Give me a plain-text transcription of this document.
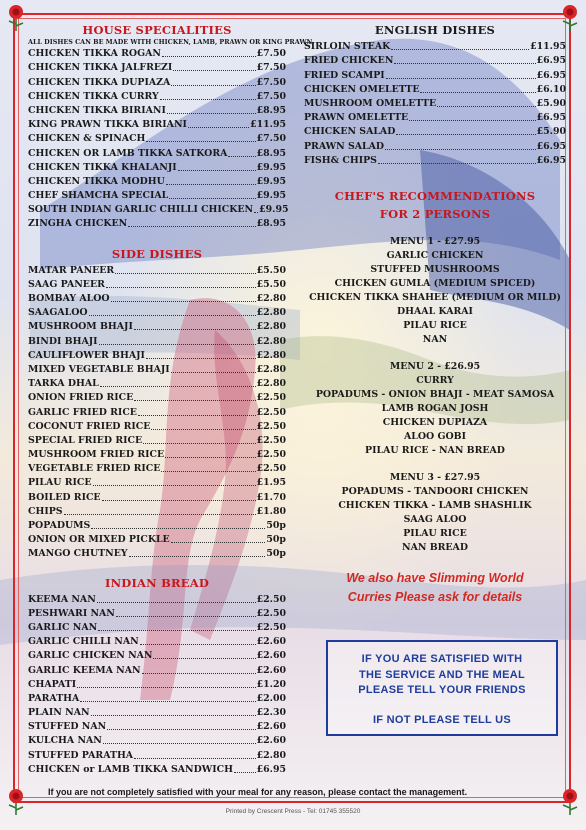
HOUSE SPECIALITIES

ALL DISHES CAN BE MADE WITH CHICKEN, LAMB, PRAWN OR KING PRAWN

CHICKEN TIKKA ROGAN	£7.50
CHICKEN TIKKA JALFREZI	£7.50
CHICKEN TIKKA DUPIAZA	£7.50
CHICKEN TIKKA CURRY	£7.50
CHICKEN TIKKA BIRIANI	£8.95
KING PRAWN TIKKA BIRIANI	£11.95
CHICKEN & SPINACH	£7.50
CHICKEN OR LAMB TIKKA SATKORA	£8.95
CHICKEN TIKKA KHALANJI	£9.95
CHICKEN TIKKA MODHU	£9.95
CHEF SHAMCHA SPECIAL	£9.95
SOUTH INDIAN GARLIC CHILLI CHICKEN £9.95
ZINGHA CHICKEN	£8.95

SIDE DISHES

MATAR PANEER	£5.50
SAAG PANEER	£5.50
BOMBAY ALOO	£2.80
SAAGALOO	£2.80
MUSHROOM BHAJI	£2.80
BINDI BHAJI	£2.80
CAULIFLOWER BHAJI	£2.80
MIXED VEGETABLE BHAJI	£2.80
TARKA DHAL	£2.80
ONION FRIED RICE	£2.50
GARLIC FRIED RICE	£2.50
COCONUT FRIED RICE	£2.50
SPECIAL FRIED RICE	£2.50
MUSHROOM FRIED RICE	£2.50
VEGETABLE FRIED RICE	£2.50
PILAU RICE	£1.95
BOILED RICE	£1.70
CHIPS	£1.80
POPADUMS	50p
ONION OR MIXED PICKLE	50p
MANGO CHUTNEY	50p

INDIAN BREAD

KEEMA NAN	£2.50
PESHWARI NAN	£2.50
GARLIC NAN	£2.50
GARLIC CHILLI NAN	£2.60
GARLIC CHICKEN NAN	£2.60
GARLIC KEEMA NAN	£2.60
CHAPATI	£1.20
PARATHA	£2.00
PLAIN NAN	£2.30
STUFFED NAN	£2.60
KULCHA NAN	£2.60
STUFFED PARATHA	£2.80
CHICKEN or LAMB TIKKA SANDWICH	£6.95

ENGLISH DISHES

SIRLOIN STEAK	£11.95
FRIED CHICKEN	£6.95
FRIED SCAMPI	£6.95
CHICKEN OMELETTE	£6.10
MUSHROOM OMELETTE	£5.90
PRAWN OMELETTE	£6.95
CHICKEN SALAD	£5.90
PRAWN SALAD	£6.95
FISH& CHIPS	£6.95

CHEF'S RECOMMENDATIONS

FOR 2 PERSONS

MENU 1 - £27.95

GARLIC CHICKEN

STUFFED MUSHROOMS

CHICKEN GUMLA (MEDIUM SPICED)

CHICKEN TIKKA SHAHEE (MEDIUM OR MILD)

DHAAL KARAI

PILAU RICE

NAN

MENU 2 - £26.95

CURRY

POPADUMS - ONION BHAJI - MEAT SAMOSA

LAMB ROGAN JOSH

CHICKEN DUPIAZA

ALOO GOBI

PILAU RICE - NAN BREAD

MENU 3 - £27.95

POPADUMS - TANDOORI CHICKEN

CHICKEN TIKKA - LAMB SHASHLIK

SAAG ALOO

PILAU RICE

NAN BREAD

We also have Slimming World

Curries Please ask for details

IF YOU ARE SATISFIED WITH

THE SERVICE AND THE MEAL

PLEASE TELL YOUR FRIENDS

IF NOT PLEASE TELL US

If you are not completely satisfied with your meal for any reason, please contact the management.
Printed by Crescent Press - Tel: 01745 355520
